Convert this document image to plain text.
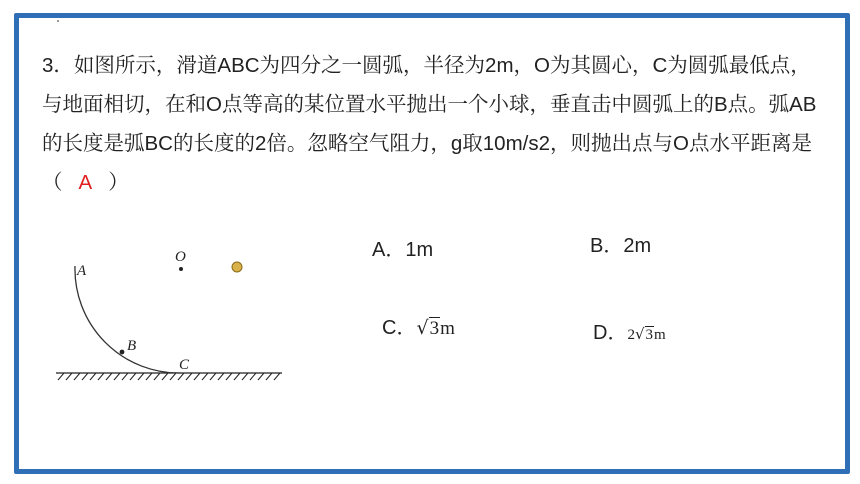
3．如图所示，滑道ABC为四分之一圆弧，半径为2m，O为其圆心，C为圆弧最低点，与地面相切，在和O点等高的某位置水平抛出一个小球，垂直击中圆弧上的B点。弧AB的长度是弧BC的长度的2倍。忽略空气阻力，g取10m/s2，则抛出点与O点水平距离是（ A ）
A．1m	B．2m
C．√3m	D．2√3m
A
B
C
O
